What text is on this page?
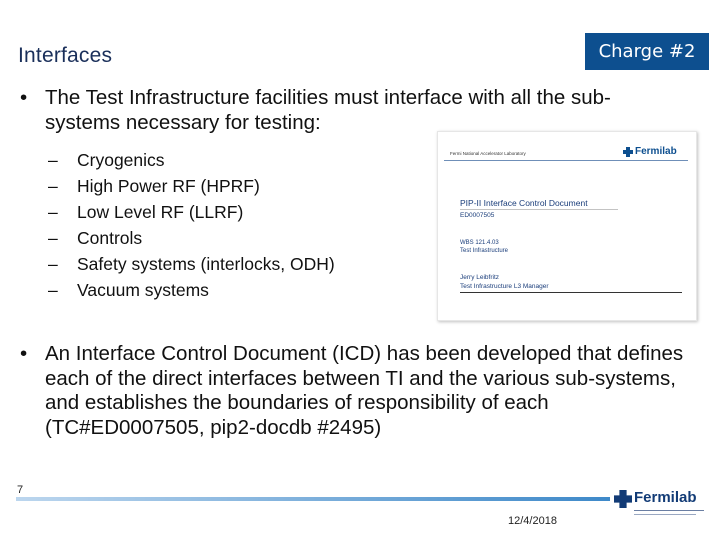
Interfaces	Charge #2
• The Test Infrastructure facilities must interface with all the sub-systems necessary for testing:
– Cryogenics
– High Power RF (HPRF)
– Low Level RF (LLRF)
– Controls
– Safety systems (interlocks, ODH)
– Vacuum systems
Fermi National Accelerator Laboratory	Fermilab
PIP-II Interface Control Document
ED0007505
WBS 121.4.03
Test Infrastructure
Jerry Leibfritz
Test Infrastructure L3 Manager
• An Interface Control Document (ICD) has been developed that defines each of the direct interfaces between TI and the various sub-systems, and establishes the boundaries of responsibility of each (TC#ED0007505, pip2-docdb #2495)
7
12/4/2018
Fermilab
